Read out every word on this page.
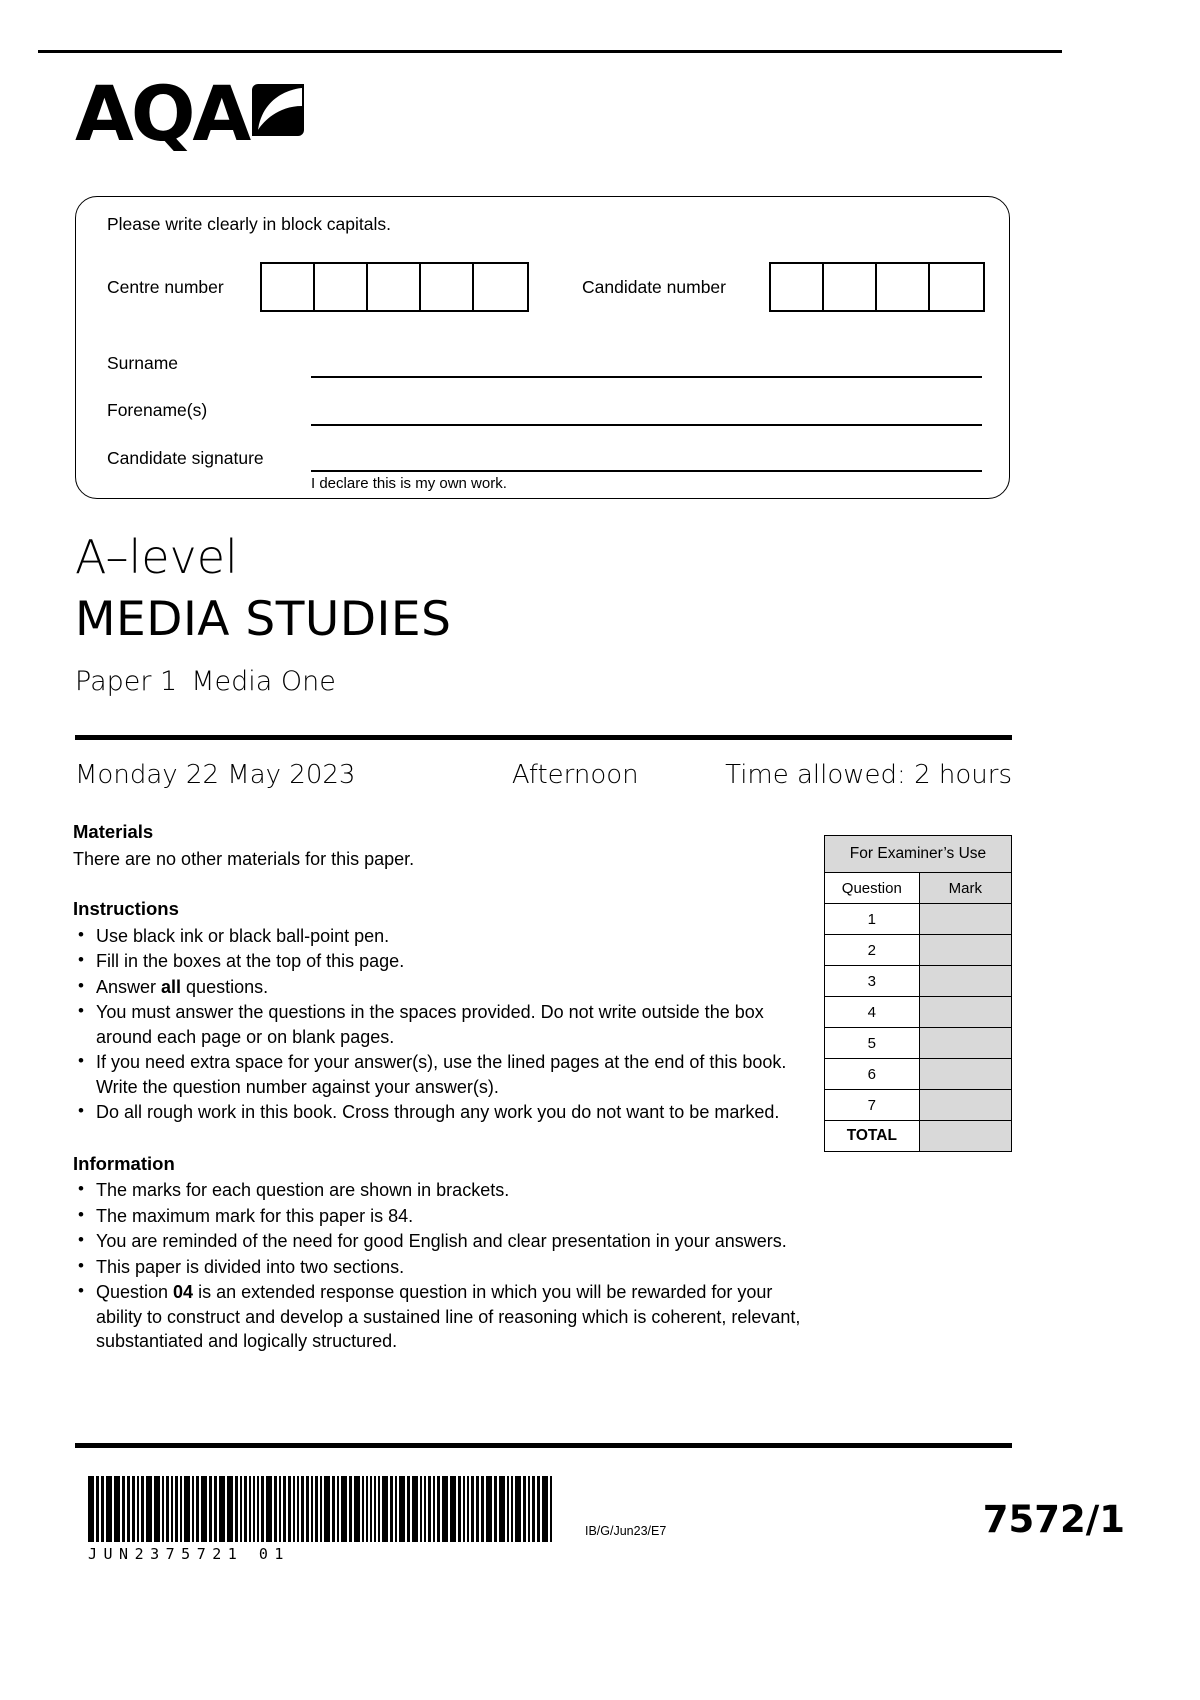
AQA
Please write clearly in block capitals.
Centre number	Candidate number
Surname
Forename(s)
Candidate signature
I declare this is my own work.
A–level
MEDIA STUDIES
Paper 1 Media One
Monday 22 May 2023	Afternoon	Time allowed: 2 hours
Materials

There are no other materials for this paper.

Instructions
• Use black ink or black ball-point pen.
• Fill in the boxes at the top of this page.
• Answer all questions.
• You must answer the questions in the spaces provided. Do not write outside the box around each page or on blank pages.
• If you need extra space for your answer(s), use the lined pages at the end of this book. Write the question number against your answer(s).
• Do all rough work in this book. Cross through any work you do not want to be marked.
Information
• The marks for each question are shown in brackets.
• The maximum mark for this paper is 84.
• You are reminded of the need for good English and clear presentation in your answers.
• This paper is divided into two sections.
• Question 04 is an extended response question in which you will be rewarded for your ability to construct and develop a sustained line of reasoning which is coherent, relevant, substantiated and logically structured.
For Examiner’s Use	
Question	Mark
1	
2	
3	
4	
5	
6	
7	
TOTAL	
JUN2375721 01
IB/G/Jun23/E7	7572/1
